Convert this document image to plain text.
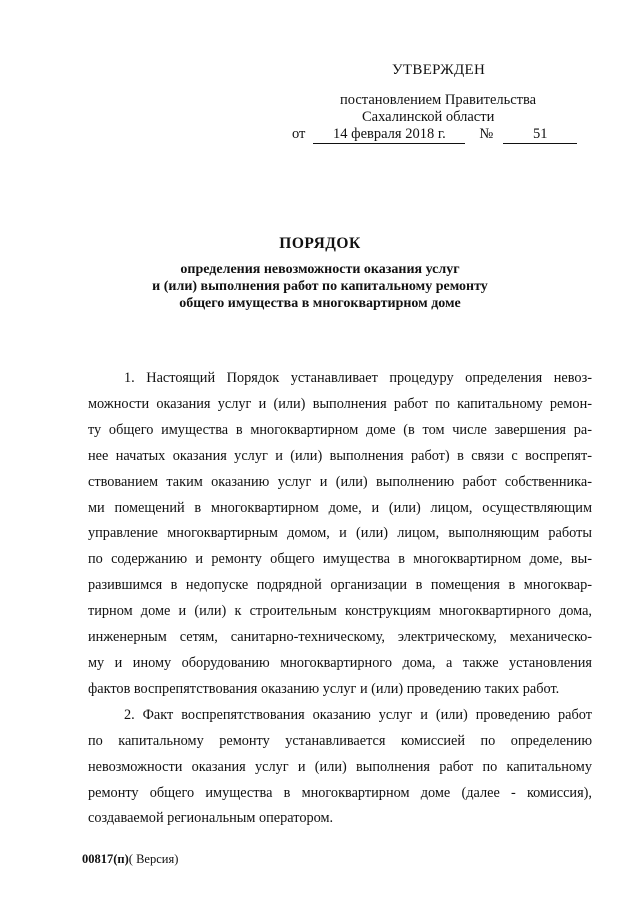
УТВЕРЖДЕН
постановлением Правительства
Сахалинской области
от 14 февраля 2018 г. №	51
ПОРЯДОК
определения невозможности оказания услуг
и (или) выполнения работ по капитальному ремонту
общего имущества в многоквартирном доме
1. Настоящий Порядок устанавливает процедуру определения невоз-
можности оказания услуг и (или) выполнения работ по капитальному ремон-
ту общего имущества в многоквартирном доме (в том числе завершения ра-
нее начатых оказания услуг и (или) выполнения работ) в связи с воспрепят-
ствованием таким оказанию услуг и (или) выполнению работ собственника-
ми помещений в многоквартирном доме, и (или) лицом, осуществляющим
управление многоквартирным домом, и (или) лицом, выполняющим работы
по содержанию и ремонту общего имущества в многоквартирном доме, вы-
разившимся в недопуске подрядной организации в помещения в многоквар-
тирном доме и (или) к строительным конструкциям многоквартирного дома,
инженерным сетям, санитарно-техническому, электрическому, механическо-
му и иному оборудованию многоквартирного дома, а также установления
фактов воспрепятствования оказанию услуг и (или) проведению таких работ.
2. Факт воспрепятствования оказанию услуг и (или) проведению работ
по капитальному ремонту устанавливается комиссией по определению
невозможности оказания услуг и (или) выполнения работ по капитальному
ремонту общего имущества в многоквартирном доме (далее - комиссия),
создаваемой региональным оператором.
00817(п)( Версия)
